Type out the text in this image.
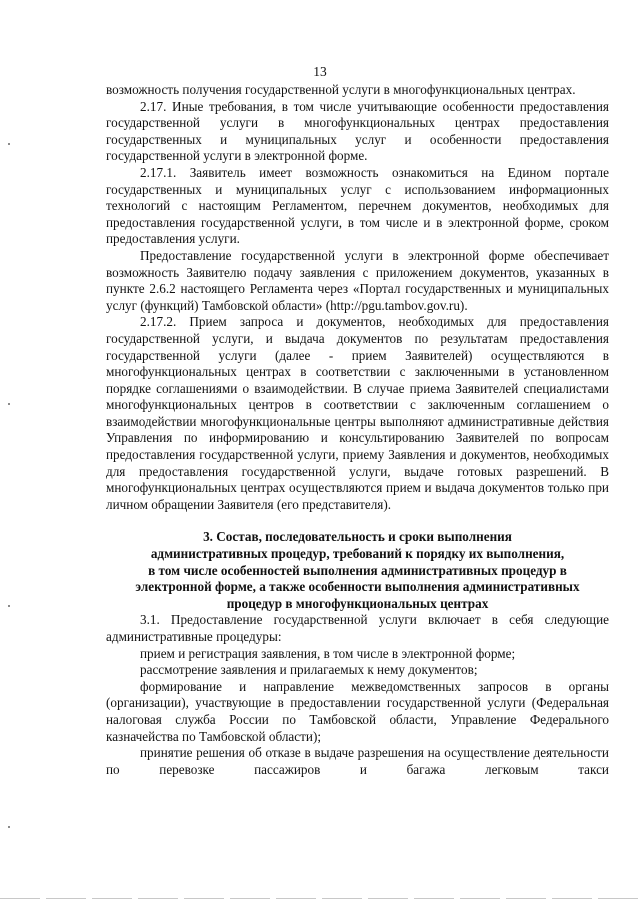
13

возможность получения государственной услуги в многофункциональных центрах.

2.17. Иные требования, в том числе учитывающие особенности предоставления государственной услуги в многофункциональных центрах предоставления государственных и муниципальных услуг и особенности предоставления государственной услуги в электронной форме.

2.17.1. Заявитель имеет возможность ознакомиться на Едином портале государственных и муниципальных услуг с использованием информационных технологий с настоящим Регламентом, перечнем документов, необходимых для предоставления государственной услуги, в том числе и в электронной форме, сроком предоставления услуги.

Предоставление государственной услуги в электронной форме обеспечивает возможность Заявителю подачу заявления с приложением документов, указанных в пункте 2.6.2 настоящего Регламента через «Портал государственных и муниципальных услуг (функций) Тамбовской области» (http://pgu.tambov.gov.ru).

2.17.2. Прием запроса и документов, необходимых для предоставления государственной услуги, и выдача документов по результатам предоставления государственной услуги (далее - прием Заявителей) осуществляются в многофункциональных центрах в соответствии с заключенными в установленном порядке соглашениями о взаимодействии. В случае приема Заявителей специалистами многофункциональных центров в соответствии с заключенным соглашением о взаимодействии многофункциональные центры выполняют административные действия Управления по информированию и консультированию Заявителей по вопросам предоставления государственной услуги, приему Заявления и документов, необходимых для предоставления государственной услуги, выдаче готовых разрешений. В многофункциональных центрах осуществляются прием и выдача документов только при личном обращении Заявителя (его представителя).

3. Состав, последовательность и сроки выполнения
административных процедур, требований к порядку их выполнения,
в том числе особенностей выполнения административных процедур в
электронной форме, а также особенности выполнения административных
процедур в многофункциональных центрах

3.1. Предоставление государственной услуги включает в себя следующие административные процедуры:

прием и регистрация заявления, в том числе в электронной форме;

рассмотрение заявления и прилагаемых к нему документов;

формирование и направление межведомственных запросов в органы (организации), участвующие в предоставлении государственной услуги (Федеральная налоговая служба России по Тамбовской области, Управление Федерального казначейства по Тамбовской области);

принятие решения об отказе в выдаче разрешения на осуществление деятельности по перевозке пассажиров и багажа легковым такси
